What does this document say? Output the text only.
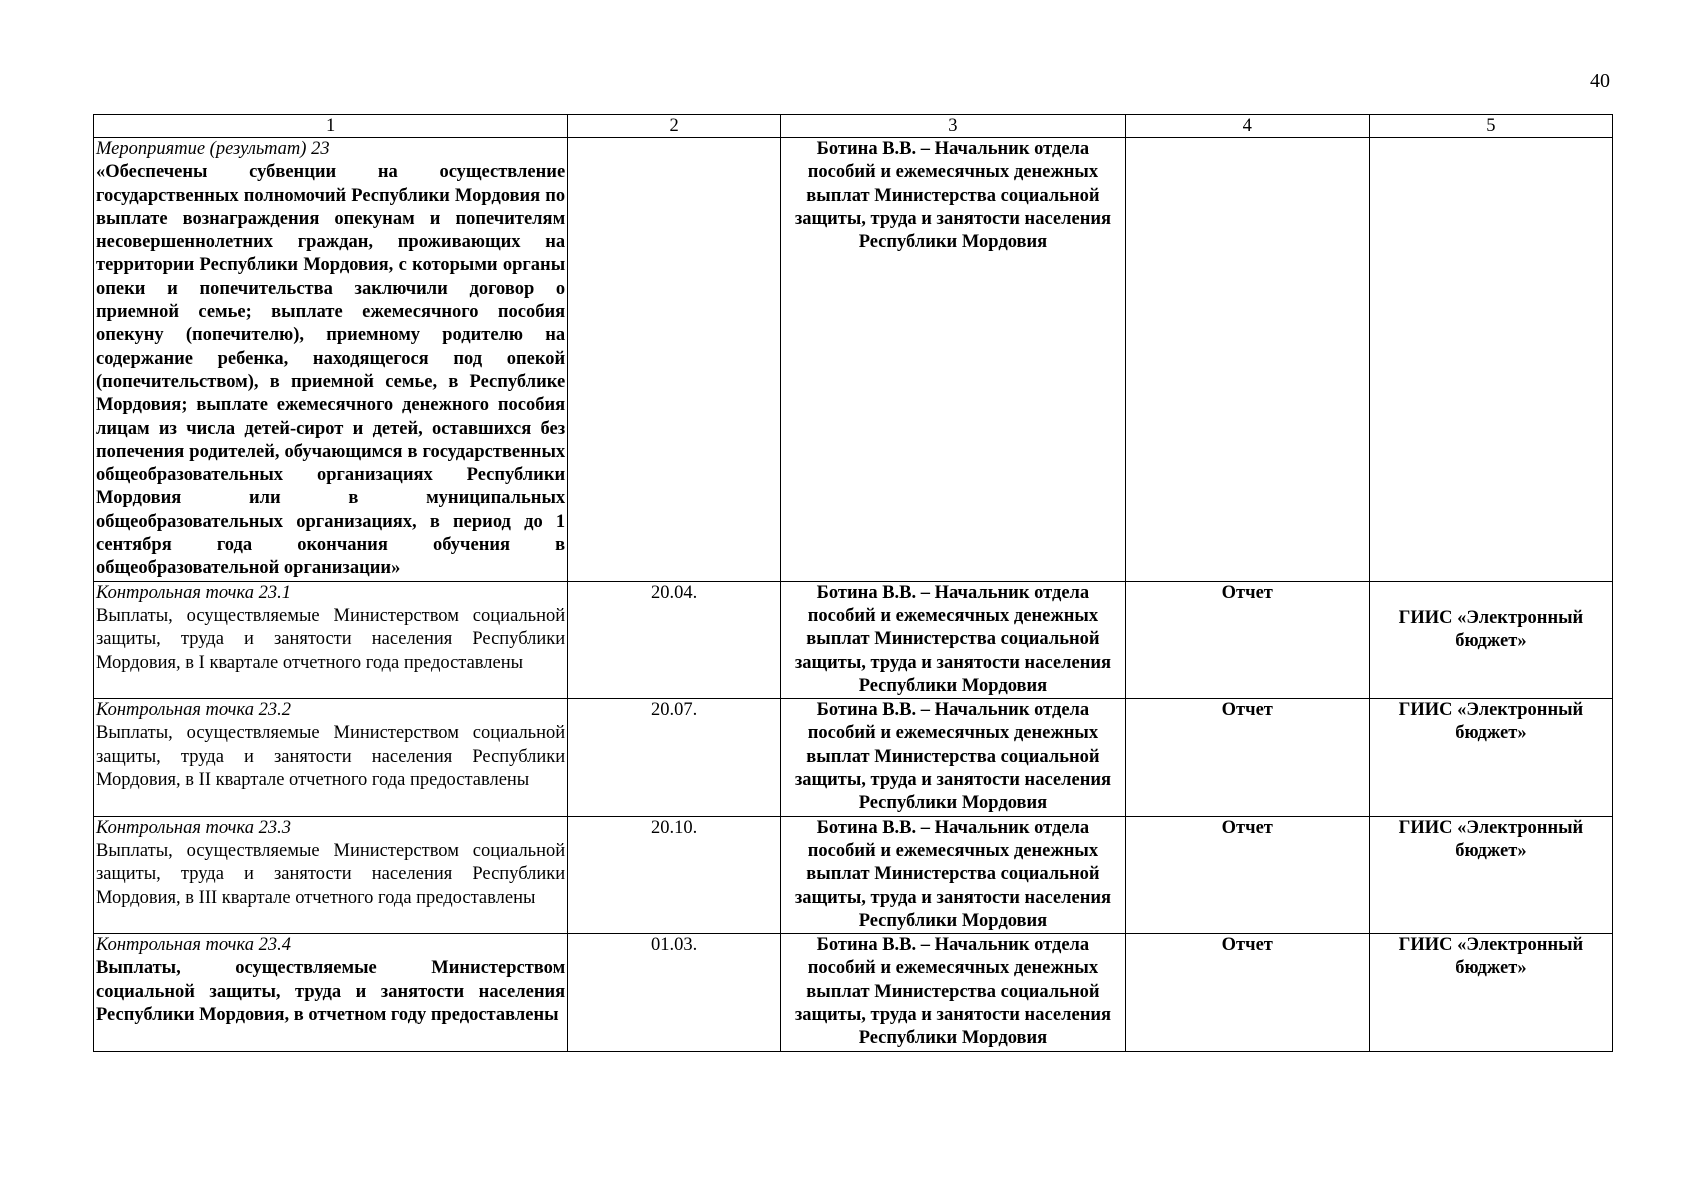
40
1	2	3	4	5

Мероприятие (результат) 23
«Обеспечены субвенции на осуществление государственных полномочий Республики Мордовия по выплате вознаграждения опекунам и попечителям несовершеннолетних граждан, проживающих на территории Республики Мордовия, с которыми органы опеки и попечительства заключили договор о приемной семье; выплате ежемесячного пособия опекуну (попечителю), приемному родителю на содержание ребенка, находящегося под опекой (попечительством), в приемной семье, в Республике Мордовия; выплате ежемесячного денежного пособия лицам из числа детей-сирот и детей, оставшихся без попечения родителей, обучающимся в государственных общеобразовательных организациях Республики Мордовия или в муниципальных общеобразовательных организациях, в период до 1 сентября года окончания обучения в общеобразовательной организации»		Ботина В.В. – Начальник отдела пособий и ежемесячных денежных выплат Министерства социальной защиты, труда и занятости населения Республики Мордовия		

Контрольная точка 23.1
Выплаты, осуществляемые Министерством социальной защиты, труда и занятости населения Республики Мордовия, в I квартале отчетного года предоставлены	20.04.	Ботина В.В. – Начальник отдела пособий и ежемесячных денежных выплат Министерства социальной защиты, труда и занятости населения Республики Мордовия	Отчет	ГИИС «Электронный бюджет»

Контрольная точка 23.2
Выплаты, осуществляемые Министерством социальной защиты, труда и занятости населения Республики Мордовия, в II квартале отчетного года предоставлены	20.07.	Ботина В.В. – Начальник отдела пособий и ежемесячных денежных выплат Министерства социальной защиты, труда и занятости населения Республики Мордовия	Отчет	ГИИС «Электронный бюджет»

Контрольная точка 23.3
Выплаты, осуществляемые Министерством социальной защиты, труда и занятости населения Республики Мордовия, в III квартале отчетного года предоставлены	20.10.	Ботина В.В. – Начальник отдела пособий и ежемесячных денежных выплат Министерства социальной защиты, труда и занятости населения Республики Мордовия	Отчет	ГИИС «Электронный бюджет»

Контрольная точка 23.4
Выплаты, осуществляемые Министерством социальной защиты, труда и занятости населения Республики Мордовия, в отчетном году предоставлены	01.03.	Ботина В.В. – Начальник отдела пособий и ежемесячных денежных выплат Министерства социальной защиты, труда и занятости населения Республики Мордовия	Отчет	ГИИС «Электронный бюджет»
